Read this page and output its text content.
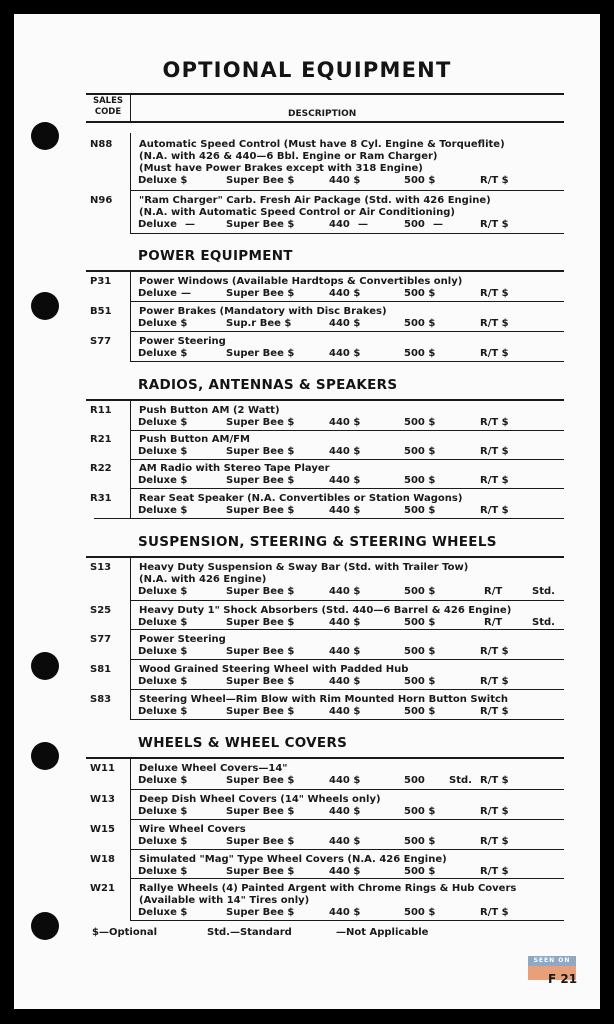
OPTIONAL EQUIPMENT
SALES
CODE	DESCRIPTION
N88	Automatic Speed Control (Must have 8 Cyl. Engine & Torqueflite)
(N.A. with 426 & 440—6 Bbl. Engine or Ram Charger)
(Must have Power Brakes except with 318 Engine)
Deluxe $	Super Bee $	440 $	500 $	R/T $
N96	"Ram Charger" Carb. Fresh Air Package (Std. with 426 Engine)
(N.A. with Automatic Speed Control or Air Conditioning)
Deluxe —	Super Bee $	440 —	500 —	R/T $
P31	Power Windows (Available Hardtops & Convertibles only)
Deluxe —	Super Bee $	440 $	500 $	R/T $
B51	Power Brakes (Mandatory with Disc Brakes)
Deluxe $	Sup.r Bee $	440 $	500 $	R/T $
S77	Power Steering
Deluxe $	Super Bee $	440 $	500 $	R/T $
R11	Push Button AM (2 Watt)
Deluxe $	Super Bee $	440 $	500 $	R/T $
R21	Push Button AM/FM
Deluxe $	Super Bee $	440 $	500 $	R/T $
R22	AM Radio with Stereo Tape Player
Deluxe $	Super Bee $	440 $	500 $	R/T $
R31	Rear Seat Speaker (N.A. Convertibles or Station Wagons)
Deluxe $	Super Bee $	440 $	500 $	R/T $
S13	Heavy Duty Suspension & Sway Bar (Std. with Trailer Tow)
(N.A. with 426 Engine)
Deluxe $	Super Bee $	440 $	500 $	R/T	Std.
S25	Heavy Duty 1" Shock Absorbers (Std. 440—6 Barrel & 426 Engine)
Deluxe $	Super Bee $	440 $	500 $	R/T	Std.
S77	Power Steering
Deluxe $	Super Bee $	440 $	500 $	R/T $
S81	Wood Grained Steering Wheel with Padded Hub
Deluxe $	Super Bee $	440 $	500 $	R/T $
S83	Steering Wheel—Rim Blow with Rim Mounted Horn Button Switch
Deluxe $	Super Bee $	440 $	500 $	R/T $
W11	Deluxe Wheel Covers—14"
Deluxe $	Super Bee $	440 $	500 Std. R/T $
W13	Deep Dish Wheel Covers (14" Wheels only)
Deluxe $	Super Bee $	440 $	500 $	R/T $
W15	Wire Wheel Covers
Deluxe $	Super Bee $	440 $	500 $	R/T $
W18	Simulated "Mag" Type Wheel Covers (N.A. 426 Engine)
Deluxe $	Super Bee $	440 $	500 $	R/T $
W21	Rallye Wheels (4) Painted Argent with Chrome Rings & Hub Covers
(Available with 14" Tires only)
Deluxe $	Super Bee $	440 $	500 $	R/T $
POWER EQUIPMENT
RADIOS, ANTENNAS & SPEAKERS
SUSPENSION, STEERING & STEERING WHEELS
WHEELS & WHEEL COVERS
$—Optional	Std.—Standard	—Not Applicable
SEEN ON
F 21
